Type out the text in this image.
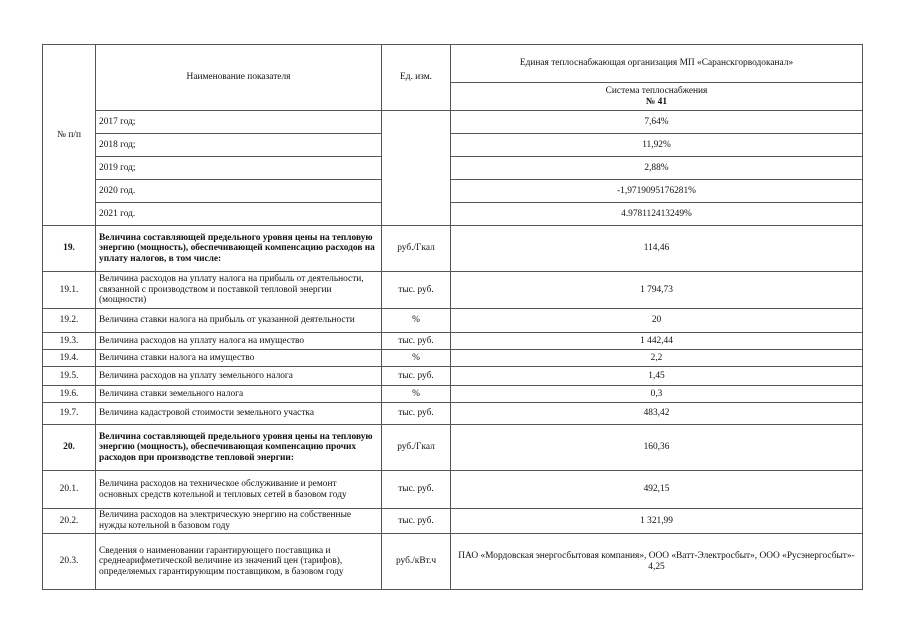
№ п/п	Наименование показателя	Ед. изм.	Единая теплоснабжающая организация МП «Саранскгорводоканал»

			Система теплоснабжения
№ 41

	2017 год;		7,64%
	2018 год;		11,92%
	2019 год;		2,88%
	2020 год.		-1,9719095176281%
	2021 год.		4.978112413249%
19.	Величина составляющей предельного уровня цены на тепловую энергию (мощность), обеспечивающей компенсацию расходов на уплату налогов, в том числе:	руб./Гкал	114,46
19.1.	Величина расходов на уплату налога на прибыль от деятельности, связанной с производством и поставкой тепловой энергии (мощности)	тыс. руб.	1 794,73
19.2.	Величина ставки налога на прибыль от указанной деятельности	%	20
19.3.	Величина расходов на уплату налога на имущество	тыс. руб.	1 442,44
19.4.	Величина ставки налога на имущество	%	2,2
19.5.	Величина расходов на уплату земельного налога	тыс. руб.	1,45
19.6.	Величина ставки земельного налога	%	0,3
19.7.	Величина кадастровой стоимости земельного участка	тыс. руб.	483,42
20.	Величина составляющей предельного уровня цены на тепловую энергию (мощность), обеспечивающая компенсацию прочих расходов при производстве тепловой энергии:	руб./Гкал	160,36
20.1.	Величина расходов на техническое обслуживание и ремонт основных средств котельной и тепловых сетей в базовом году	тыс. руб.	492,15
20.2.	Величина расходов на электрическую энергию на собственные нужды котельной в базовом году	тыс. руб.	1 321,99
20.3.	Сведения о наименовании гарантирующего поставщика и среднеарифметической величине из значений цен (тарифов), определяемых гарантирующим поставщиком, в базовом году	руб./кВт.ч	ПАО «Мордовская энергосбытовая компания», ООО «Ватт-Электросбыт», ООО «Русэнергосбыт»- 4,25
